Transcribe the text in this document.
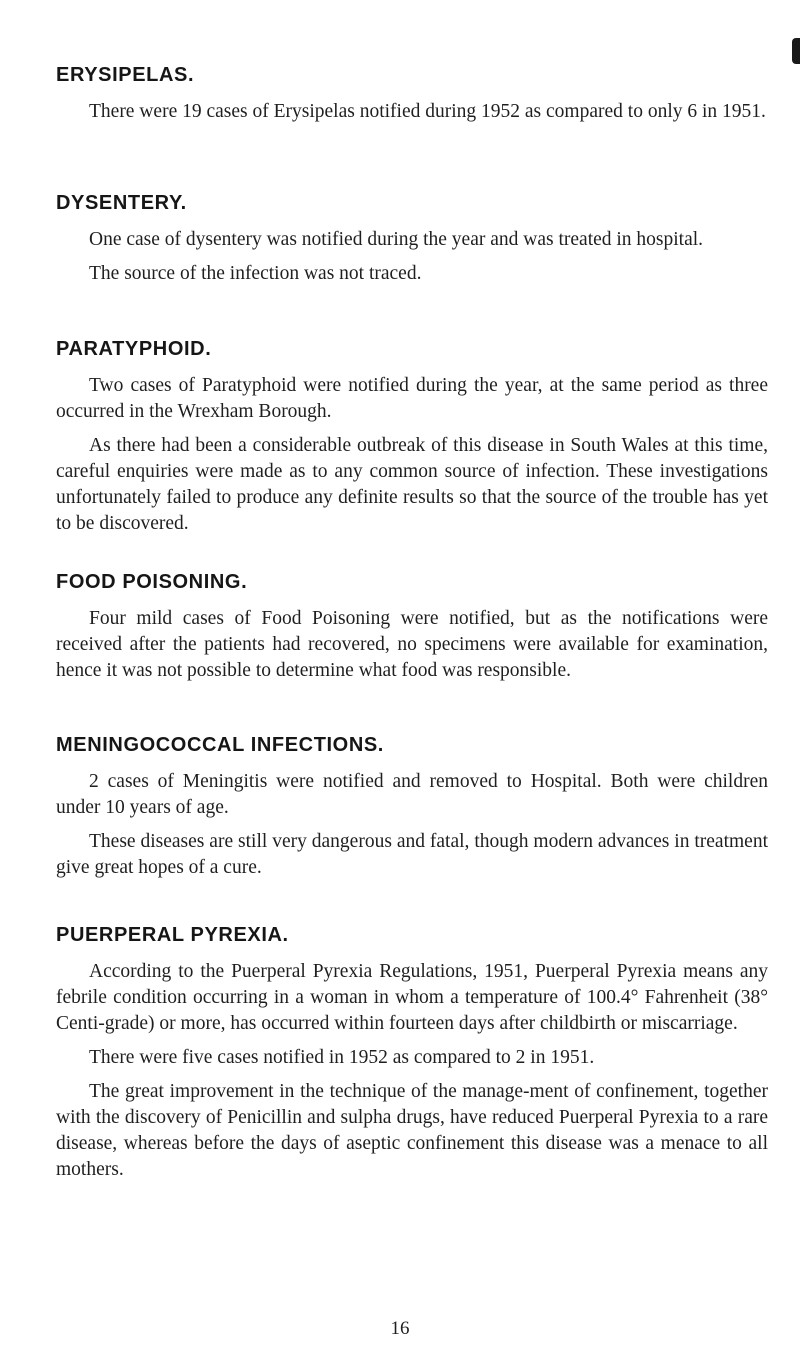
ERYSIPELAS.

There were 19 cases of Erysipelas notified during 1952 as compared to only 6 in 1951.

DYSENTERY.

One case of dysentery was notified during the year and was treated in hospital.

The source of the infection was not traced.

PARATYPHOID.

Two cases of Paratyphoid were notified during the year, at the same period as three occurred in the Wrexham Borough.

As there had been a considerable outbreak of this disease in South Wales at this time, careful enquiries were made as to any common source of infection. These investigations unfortunately failed to produce any definite results so that the source of the trouble has yet to be discovered.

FOOD POISONING.

Four mild cases of Food Poisoning were notified, but as the notifications were received after the patients had recovered, no specimens were available for examination, hence it was not possible to determine what food was responsible.

MENINGOCOCCAL INFECTIONS.

2 cases of Meningitis were notified and removed to Hospital. Both were children under 10 years of age.

These diseases are still very dangerous and fatal, though modern advances in treatment give great hopes of a cure.

PUERPERAL PYREXIA.

According to the Puerperal Pyrexia Regulations, 1951, Puerperal Pyrexia means any febrile condition occurring in a woman in whom a temperature of 100.4° Fahrenheit (38° Centi-grade) or more, has occurred within fourteen days after childbirth or miscarriage.

There were five cases notified in 1952 as compared to 2 in 1951.

The great improvement in the technique of the manage-ment of confinement, together with the discovery of Penicillin and sulpha drugs, have reduced Puerperal Pyrexia to a rare disease, whereas before the days of aseptic confinement this disease was a menace to all mothers.

16
